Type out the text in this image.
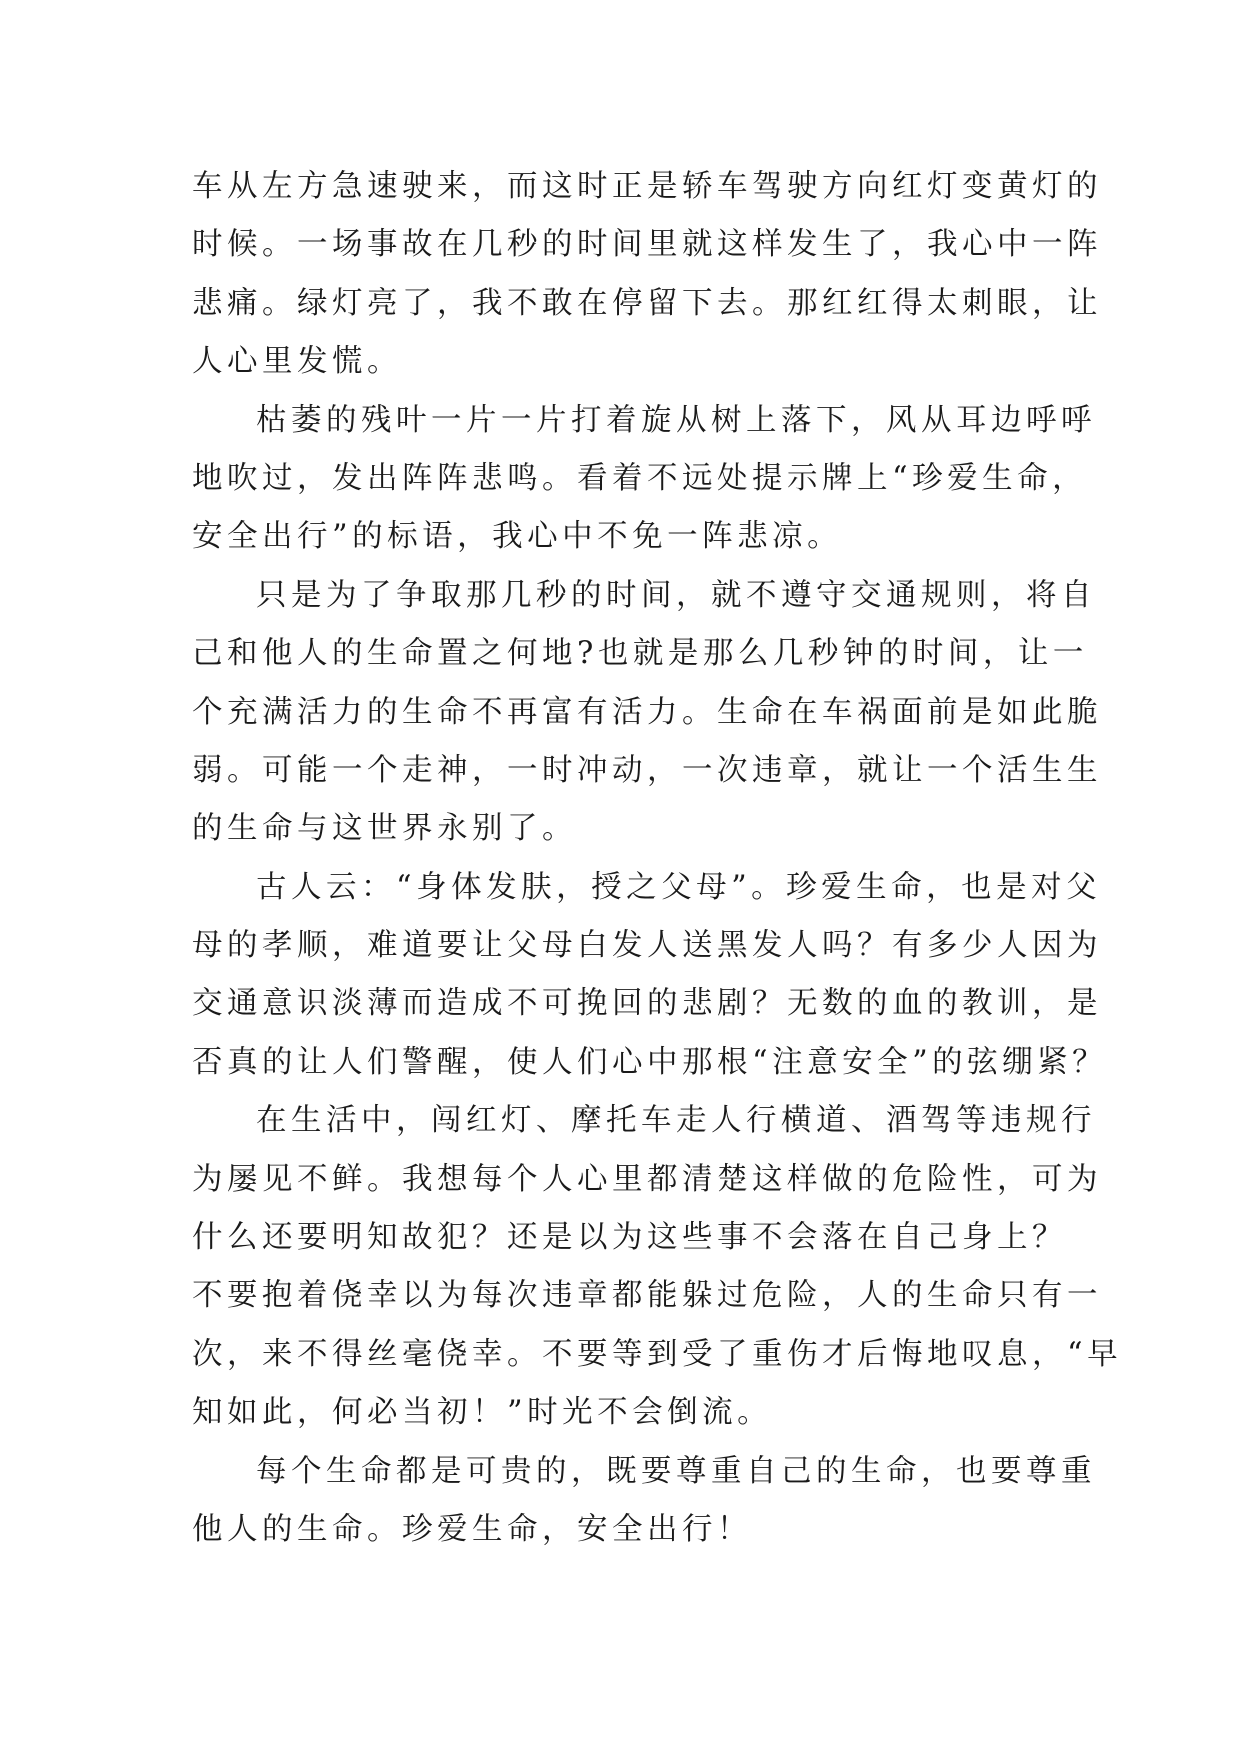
车从左方急速驶来，而这时正是轿车驾驶方向红灯变黄灯的
时候。一场事故在几秒的时间里就这样发生了，我心中一阵
悲痛。绿灯亮了，我不敢在停留下去。那红红得太刺眼，让
人心里发慌。
枯萎的残叶一片一片打着旋从树上落下，风从耳边呼呼
地吹过，发出阵阵悲鸣。看着不远处提示牌上“珍爱生命，
安全出行”的标语，我心中不免一阵悲凉。
只是为了争取那几秒的时间，就不遵守交通规则，将自
己和他人的生命置之何地?也就是那么几秒钟的时间，让一
个充满活力的生命不再富有活力。生命在车祸面前是如此脆
弱。可能一个走神，一时冲动，一次违章，就让一个活生生
的生命与这世界永别了。
古人云：“身体发肤，授之父母”。珍爱生命，也是对父
母的孝顺，难道要让父母白发人送黑发人吗？有多少人因为
交通意识淡薄而造成不可挽回的悲剧？无数的血的教训，是
否真的让人们警醒，使人们心中那根“注意安全”的弦绷紧？
在生活中，闯红灯、摩托车走人行横道、酒驾等违规行
为屡见不鲜。我想每个人心里都清楚这样做的危险性，可为
什么还要明知故犯？还是以为这些事不会落在自己身上？
不要抱着侥幸以为每次违章都能躲过危险，人的生命只有一
次，来不得丝毫侥幸。不要等到受了重伤才后悔地叹息，“早
知如此，何必当初！”时光不会倒流。
每个生命都是可贵的，既要尊重自己的生命，也要尊重
他人的生命。珍爱生命，安全出行！
